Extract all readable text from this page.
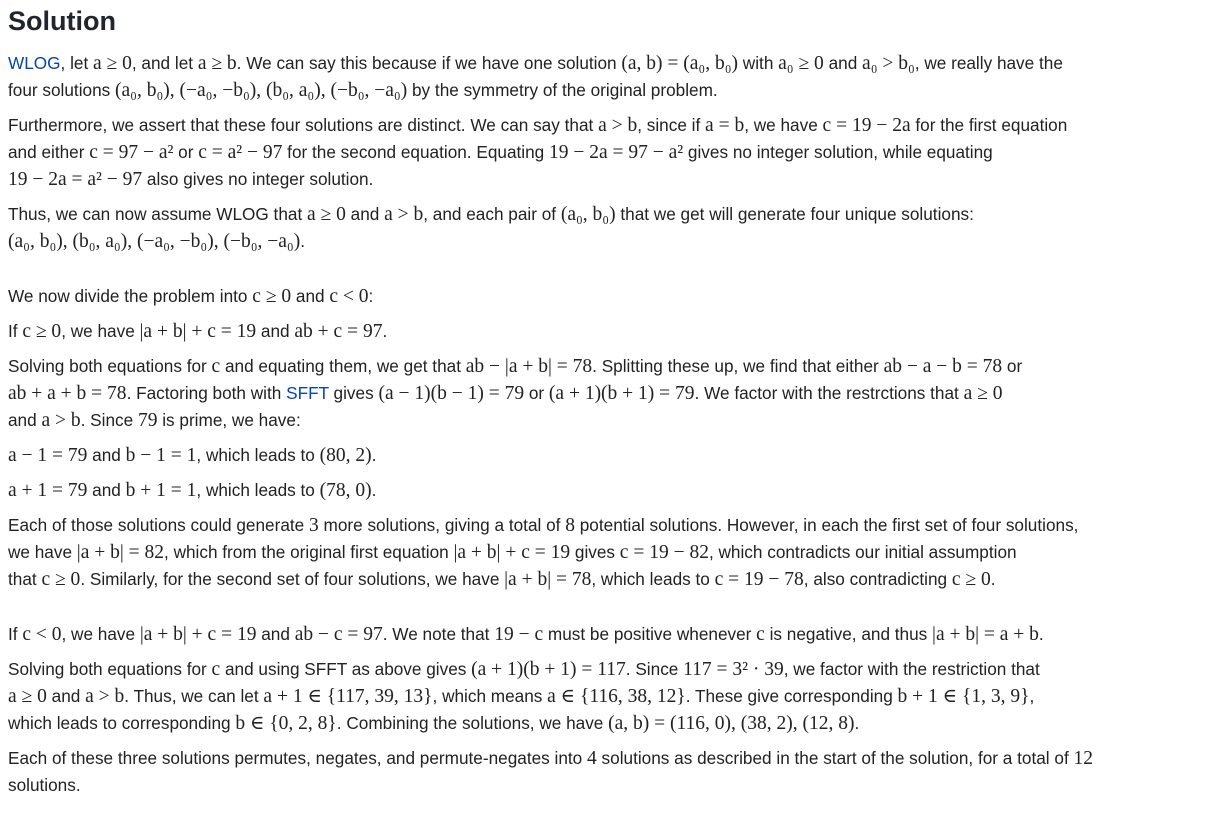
Solution

WLOG, let a ≥ 0, and let a ≥ b. We can say this because if we have one solution (a, b) = (a₀, b₀) with a₀ ≥ 0 and a₀ > b₀, we really have the
four solutions (a₀, b₀), (−a₀, −b₀), (b₀, a₀), (−b₀, −a₀) by the symmetry of the original problem.

Furthermore, we assert that these four solutions are distinct. We can say that a > b, since if a = b, we have c = 19 − 2a for the first equation
and either c = 97 − a² or c = a² − 97 for the second equation. Equating 19 − 2a = 97 − a² gives no integer solution, while equating
19 − 2a = a² − 97 also gives no integer solution.

Thus, we can now assume WLOG that a ≥ 0 and a > b, and each pair of (a₀, b₀) that we get will generate four unique solutions:
(a₀, b₀), (b₀, a₀), (−a₀, −b₀), (−b₀, −a₀).

We now divide the problem into c ≥ 0 and c < 0:

If c ≥ 0, we have |a + b| + c = 19 and ab + c = 97.

Solving both equations for c and equating them, we get that ab − |a + b| = 78. Splitting these up, we find that either ab − a − b = 78 or
ab + a + b = 78. Factoring both with SFFT gives (a − 1)(b − 1) = 79 or (a + 1)(b + 1) = 79. We factor with the restrctions that a ≥ 0
and a > b. Since 79 is prime, we have:

a − 1 = 79 and b − 1 = 1, which leads to (80, 2).

a + 1 = 79 and b + 1 = 1, which leads to (78, 0).

Each of those solutions could generate 3 more solutions, giving a total of 8 potential solutions. However, in each the first set of four solutions,
we have |a + b| = 82, which from the original first equation |a + b| + c = 19 gives c = 19 − 82, which contradicts our initial assumption
that c ≥ 0. Similarly, for the second set of four solutions, we have |a + b| = 78, which leads to c = 19 − 78, also contradicting c ≥ 0.

If c < 0, we have |a + b| + c = 19 and ab − c = 97. We note that 19 − c must be positive whenever c is negative, and thus |a + b| = a + b.

Solving both equations for c and using SFFT as above gives (a + 1)(b + 1) = 117. Since 117 = 3² · 39, we factor with the restriction that
a ≥ 0 and a > b. Thus, we can let a + 1 ∈ {117, 39, 13}, which means a ∈ {116, 38, 12}. These give corresponding b + 1 ∈ {1, 3, 9},
which leads to corresponding b ∈ {0, 2, 8}. Combining the solutions, we have (a, b) = (116, 0), (38, 2), (12, 8).

Each of these three solutions permutes, negates, and permute-negates into 4 solutions as described in the start of the solution, for a total of 12
solutions.
